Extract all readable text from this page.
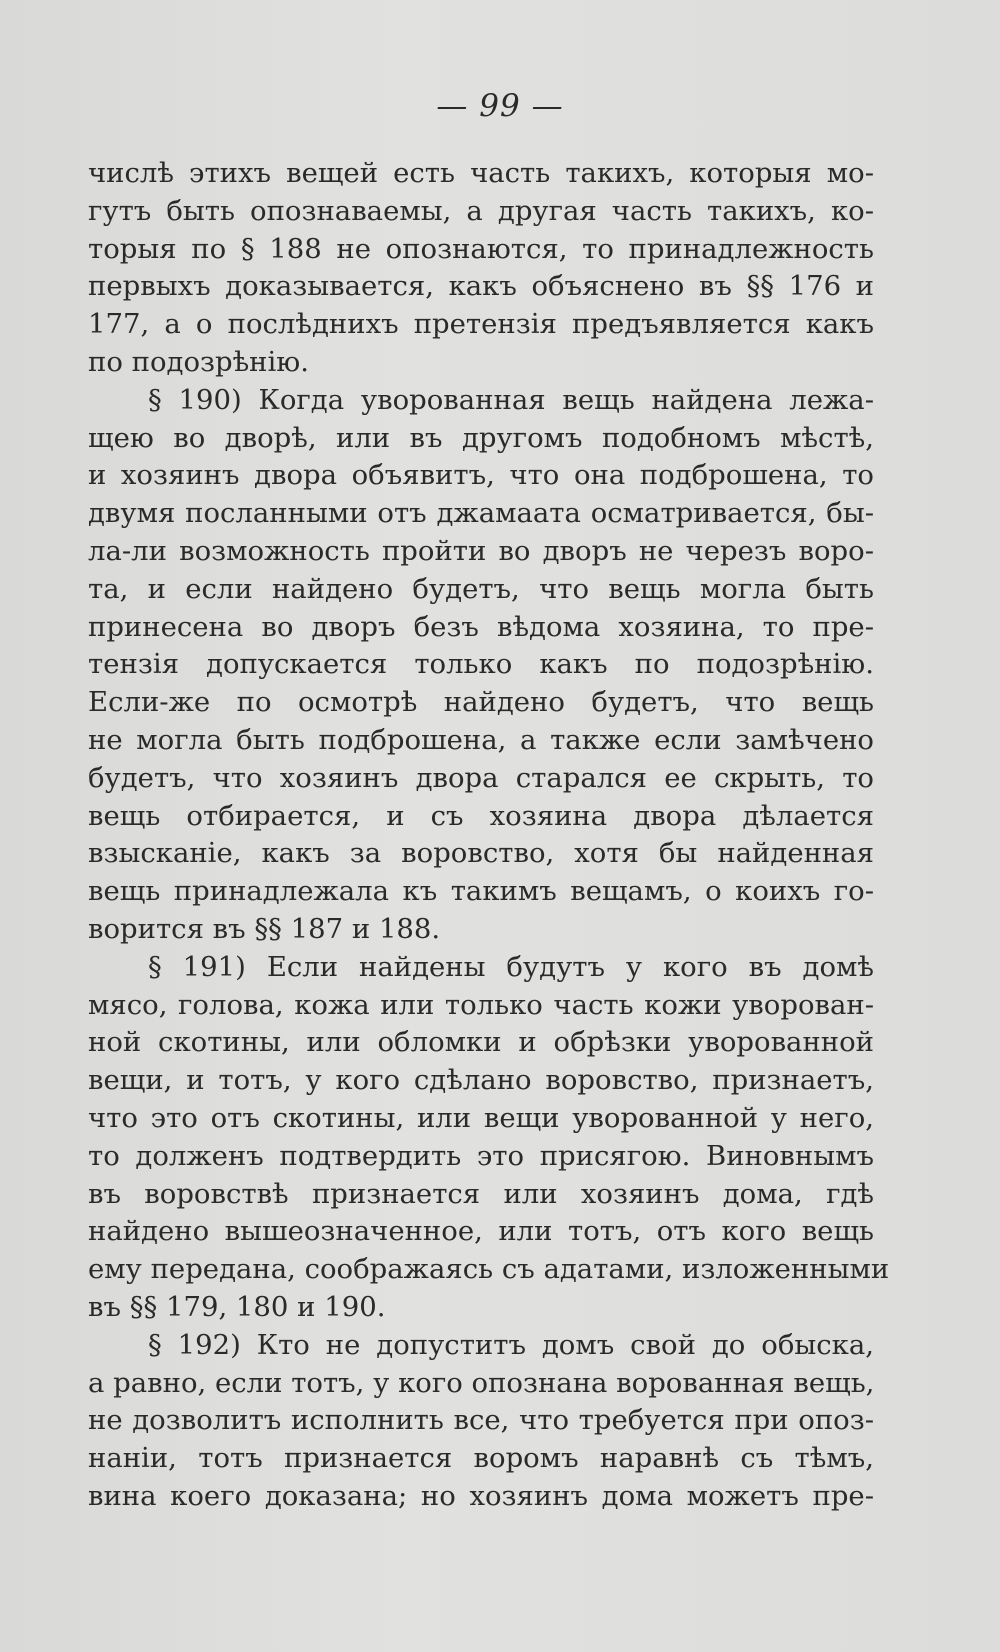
— 99 —
числѣ этихъ вещей есть часть такихъ, которыя мо-
гутъ быть опознаваемы, а другая часть такихъ, ко-
торыя по § 188 не опознаются, то принадлежность
первыхъ доказывается, какъ объяснено въ §§ 176 и
177, а о послѣднихъ претензія предъявляется какъ
по подозрѣнію.
§ 190) Когда уворованная вещь найдена лежа-
щею во дворѣ, или въ другомъ подобномъ мѣстѣ,
и хозяинъ двора объявитъ, что она подброшена, то
двумя посланными отъ джамаата осматривается, бы-
ла-ли возможность пройти во дворъ не черезъ воро-
та, и если найдено будетъ, что вещь могла быть
принесена во дворъ безъ вѣдома хозяина, то пре-
тензія допускается только какъ по подозрѣнію.
Если-же по осмотрѣ найдено будетъ, что вещь
не могла быть подброшена, а также если замѣчено
будетъ, что хозяинъ двора старался ее скрыть, то
вещь отбирается, и съ хозяина двора дѣлается
взысканіе, какъ за воровство, хотя бы найденная
вещь принадлежала къ такимъ вещамъ, о коихъ го-
ворится въ §§ 187 и 188.
§ 191) Если найдены будутъ у кого въ домѣ
мясо, голова, кожа или только часть кожи уворован-
ной скотины, или обломки и обрѣзки уворованной
вещи, и тотъ, у кого сдѣлано воровство, признаетъ,
что это отъ скотины, или вещи уворованной у него,
то долженъ подтвердить это присягою. Виновнымъ
въ воровствѣ признается или хозяинъ дома, гдѣ
найдено вышеозначенное, или тотъ, отъ кого вещь
ему передана, соображаясь съ адатами, изложенными
въ §§ 179, 180 и 190.
§ 192) Кто не допуститъ домъ свой до обыска,
а равно, если тотъ, у кого опознана ворованная вещь,
не дозволитъ исполнить все, что требуется при опоз-
наніи, тотъ признается воромъ наравнѣ съ тѣмъ,
вина коего доказана; но хозяинъ дома можетъ пре-
